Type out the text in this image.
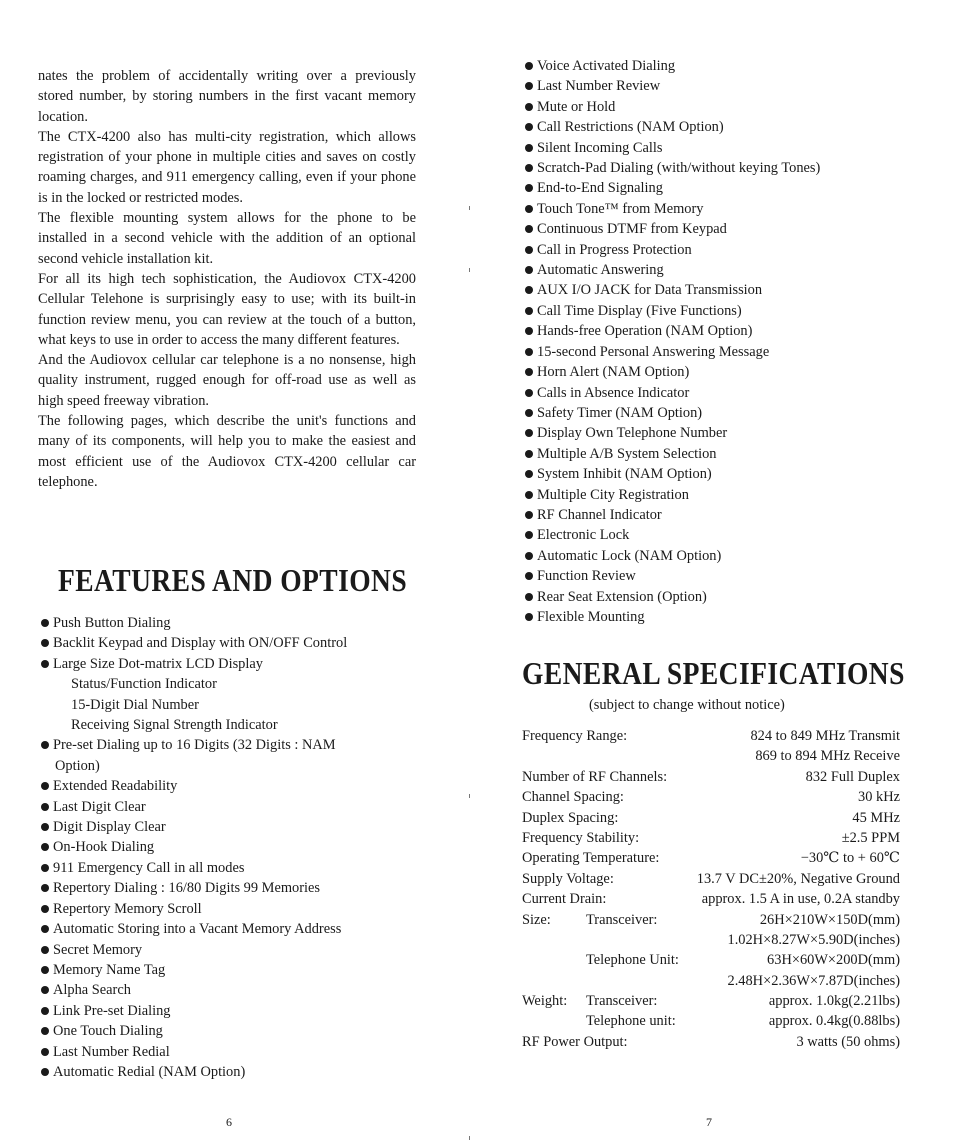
nates the problem of accidentally writing over a previously stored number, by storing numbers in the first vacant memory location.

The CTX-4200 also has multi-city registration, which allows registration of your phone in multiple cities and saves on costly roaming charges, and 911 emergency calling, even if your phone is in the locked or restricted modes.

The flexible mounting system allows for the phone to be installed in a second vehicle with the addition of an optional second vehicle installation kit.

For all its high tech sophistication, the Audiovox CTX-4200 Cellular Telehone is surprisingly easy to use; with its built-in function review menu, you can review at the touch of a button, what keys to use in order to access the many different features.

And the Audiovox cellular car telephone is a no nonsense, high quality instrument, rugged enough for off-road use as well as high speed freeway vibration.

The following pages, which describe the unit's functions and many of its components, will help you to make the easiest and most efficient use of the Audiovox CTX-4200 cellular car telephone.

FEATURES AND OPTIONS
Push Button Dialing
Backlit Keypad and Display with ON/OFF Control
Large Size Dot-matrix LCD Display
Status/Function Indicator
15-Digit Dial Number
Receiving Signal Strength Indicator
Pre-set Dialing up to 16 Digits (32 Digits : NAM
Option)
Extended Readability
Last Digit Clear
Digit Display Clear
On-Hook Dialing
911 Emergency Call in all modes
Repertory Dialing : 16/80 Digits 99 Memories
Repertory Memory Scroll
Automatic Storing into a Vacant Memory Address
Secret Memory
Memory Name Tag
Alpha Search
Link Pre-set Dialing
One Touch Dialing
Last Number Redial
Automatic Redial (NAM Option)
6
Voice Activated Dialing
Last Number Review
Mute or Hold
Call Restrictions (NAM Option)
Silent Incoming Calls
Scratch-Pad Dialing (with/without keying Tones)
End-to-End Signaling
Touch Tone™ from Memory
Continuous DTMF from Keypad
Call in Progress Protection
Automatic Answering
AUX I/O JACK for Data Transmission
Call Time Display (Five Functions)
Hands-free Operation (NAM Option)
15-second Personal Answering Message
Horn Alert (NAM Option)
Calls in Absence Indicator
Safety Timer (NAM Option)
Display Own Telephone Number
Multiple A/B System Selection
System Inhibit (NAM Option)
Multiple City Registration
RF Channel Indicator
Electronic Lock
Automatic Lock (NAM Option)
Function Review
Rear Seat Extension (Option)
Flexible Mounting
GENERAL SPECIFICATIONS
(subject to change without notice)
Frequency Range:	824 to 849 MHz Transmit
869 to 894 MHz Receive
Number of RF Channels:	832 Full Duplex
Channel Spacing:	30 kHz
Duplex Spacing:	45 MHz
Frequency Stability:	±2.5 PPM
Operating Temperature:	−30℃ to + 60℃
Supply Voltage:	13.7 V DC±20%, Negative Ground
Current Drain:	approx. 1.5 A in use, 0.2A standby
Size: Transceiver:	26H×210W×150D(mm)
1.02H×8.27W×5.90D(inches)
Telephone Unit:	63H×60W×200D(mm)
2.48H×2.36W×7.87D(inches)
Weight: Transceiver:	approx. 1.0kg(2.21lbs)
Telephone unit:	approx. 0.4kg(0.88lbs)
RF Power Output:	3 watts (50 ohms)
7
